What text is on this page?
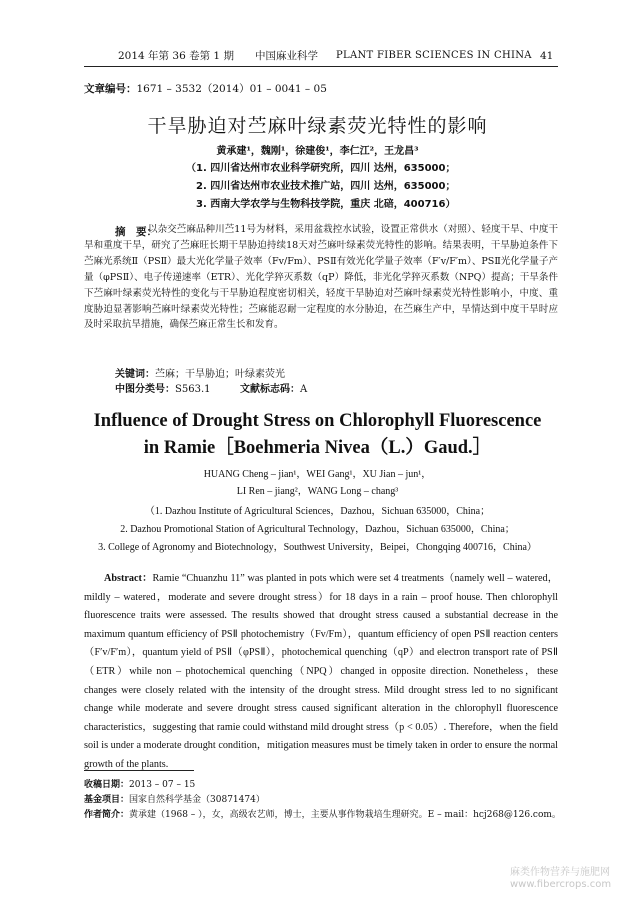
2014 年第 36 卷第 1 期　　中国麻业科学 PLANT FIBER SCIENCES IN CHINA 41
文章编号：1671 – 3532（2014）01 – 0041 – 05
干旱胁迫对苎麻叶绿素荧光特性的影响
黄承建¹，魏刚¹，徐建俊¹，李仁江²，王龙昌³
（1. 四川省达州市农业科学研究所，四川 达州，635000；
2. 四川省达州市农业技术推广站，四川 达州，635000；
3. 西南大学农学与生物科技学院，重庆 北碚，400716）
摘　要：
以杂交苎麻品种川苎11号为材料，采用盆栽控水试验，设置正常供水（对照）、轻度干旱、中度干旱和重度干旱，研究了苎麻旺长期干旱胁迫持续18天对苎麻叶绿素荧光特性的影响。结果表明，干旱胁迫条件下苎麻光系统Ⅱ（PSⅡ）最大光化学量子效率（Fv/Fm）、PSⅡ有效光化学量子效率（F′v/F′m）、PSⅡ光化学量子产量（φPSⅡ）、电子传递速率（ETR）、光化学猝灭系数（qP）降低，非光化学猝灭系数（NPQ）提高；干旱条件下苎麻叶绿素荧光特性的变化与干旱胁迫程度密切相关，轻度干旱胁迫对苎麻叶绿素荧光特性影响小，中度、重度胁迫显著影响苎麻叶绿素荧光特性；苎麻能忍耐一定程度的水分胁迫，在苎麻生产中，旱情达到中度干旱时应及时采取抗旱措施，确保苎麻正常生长和发育。
关键词：苎麻；干旱胁迫；叶绿素荧光
中图分类号：S563.1	文献标志码：A
Influence of Drought Stress on Chlorophyll Fluorescence
in Ramie［Boehmeria Nivea（L.）Gaud.］
HUANG Cheng – jian¹，WEI Gang¹，XU Jian – jun¹，
LI Ren – jiang²，WANG Long – chang³
（1. Dazhou Institute of Agricultural Sciences，Dazhou，Sichuan 635000，China；
2. Dazhou Promotional Station of Agricultural Technology，Dazhou，Sichuan 635000，China；
3. College of Agronomy and Biotechnology，Southwest University，Beipei，Chongqing 400716，China）
Abstract：Ramie “Chuanzhu 11” was planted in pots which were set 4 treatments（namely well – watered，mildly – watered，moderate and severe drought stress）for 18 days in a rain – proof house. Then chlorophyll fluorescence traits were assessed. The results showed that drought stress caused a substantial decrease in the maximum quantum efficiency of PSⅡ photochemistry（Fv/Fm），quantum efficiency of open PSⅡ reaction centers（F′v/F′m），quantum yield of PSⅡ（φPSⅡ），photochemical quenching（qP）and electron transport rate of PSⅡ（ETR）while non – photochemical quenching（NPQ）changed in opposite direction. Nonetheless，these changes were closely related with the intensity of the drought stress. Mild drought stress led to no significant change while moderate and severe drought stress caused significant alteration in the chlorophyll fluorescence characteristics，suggesting that ramie could withstand mild drought stress（p < 0.05）. Therefore，when the field soil is under a moderate drought condition，mitigation measures must be timely taken in order to ensure the normal growth of the plants.
收稿日期：2013 – 07 – 15
基金项目：国家自然科学基金（30871474）
作者简介：黄承建（1968 – ），女，高级农艺师，博士，主要从事作物栽培生理研究。E – mail：hcj268@126.com。
麻类作物营养与施肥网
www.fibercrops.com
